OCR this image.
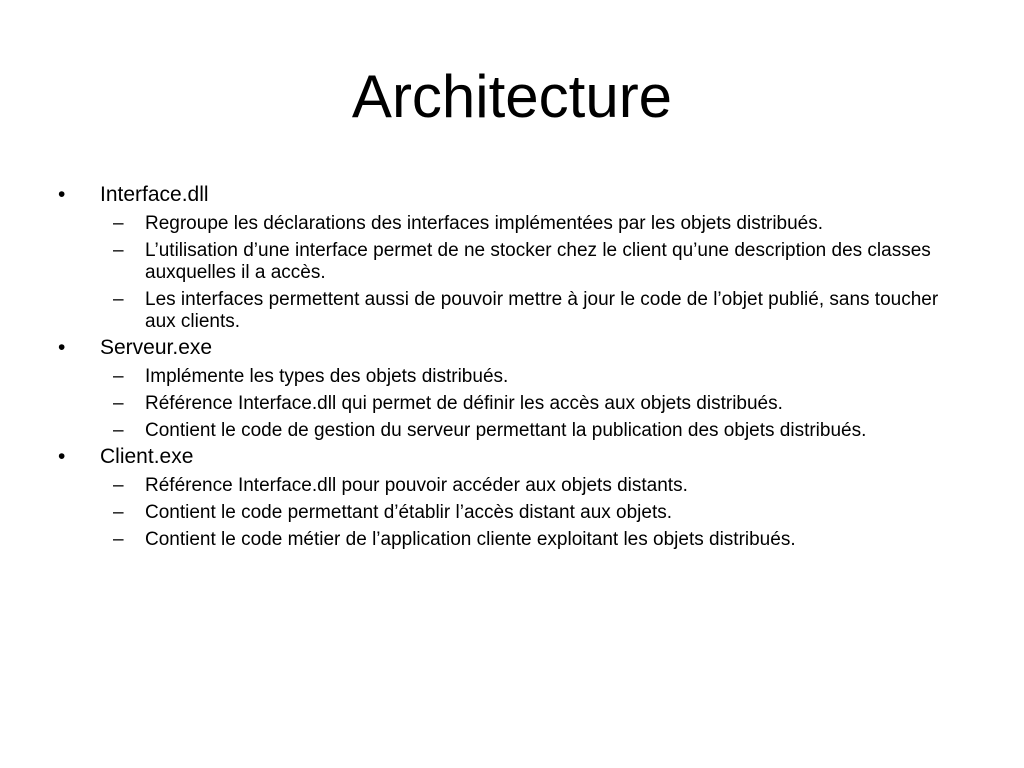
Architecture
• Interface.dll
– Regroupe les déclarations des interfaces implémentées par les objets distribués.
– L’utilisation d’une interface permet de ne stocker chez le client qu’une description des classes auxquelles il a accès.
– Les interfaces permettent aussi de pouvoir mettre à jour le code de l’objet publié, sans toucher aux clients.
• Serveur.exe
– Implémente les types des objets distribués.
– Référence Interface.dll qui permet de définir les accès aux objets distribués.
– Contient le code de gestion du serveur permettant la publication des objets distribués.
• Client.exe
– Référence Interface.dll pour pouvoir accéder aux objets distants.
– Contient le code permettant d’établir l’accès distant aux objets.
– Contient le code métier de l’application cliente exploitant les objets distribués.
